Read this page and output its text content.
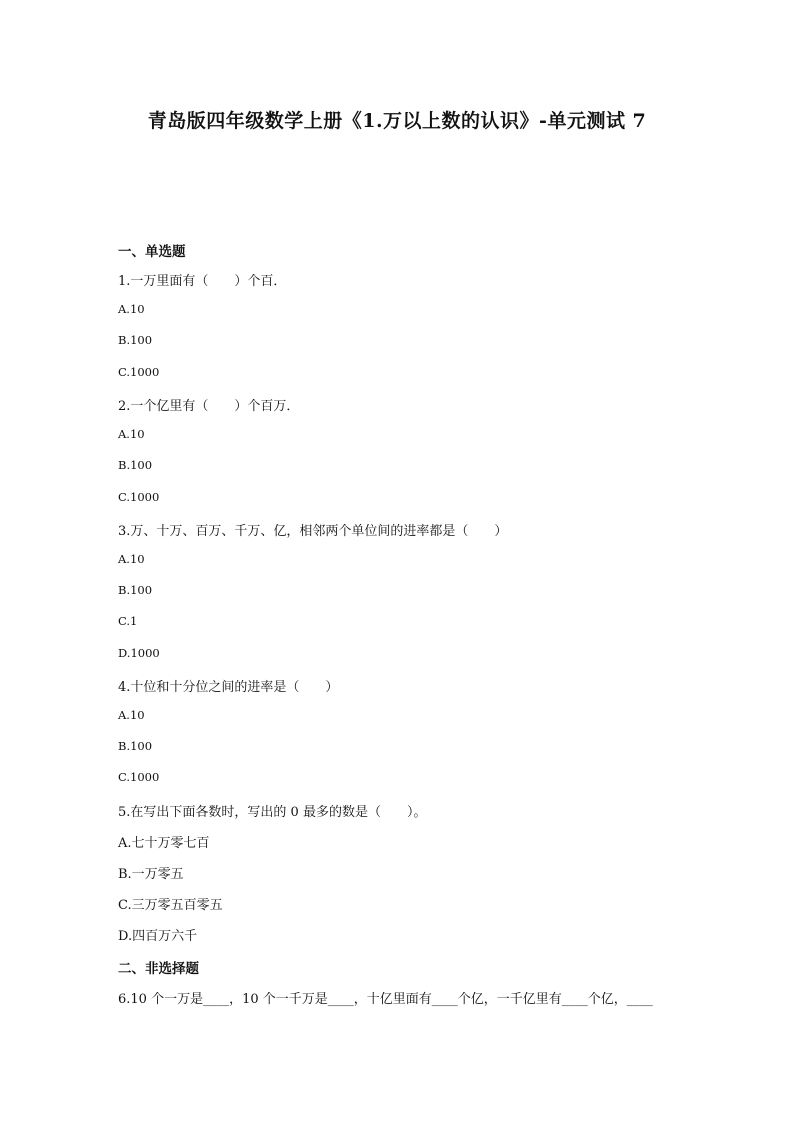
青岛版四年级数学上册《1.万以上数的认识》-单元测试 7
一、单选题
1.一万里面有（　　）个百．
A.10
B.100
C.1000
2.一个亿里有（　　）个百万．
A.10
B.100
C.1000
3.万、十万、百万、千万、亿，相邻两个单位间的进率都是（　　）
A.10
B.100
C.1
D.1000
4.十位和十分位之间的进率是（　　）
A.10
B.100
C.1000
5.在写出下面各数时，写出的 0 最多的数是（　　）。
A.七十万零七百
B.一万零五
C.三万零五百零五
D.四百万六千
二、非选择题
6.10 个一万是____，10 个一千万是____，十亿里面有____个亿，一千亿里有____个亿，____
